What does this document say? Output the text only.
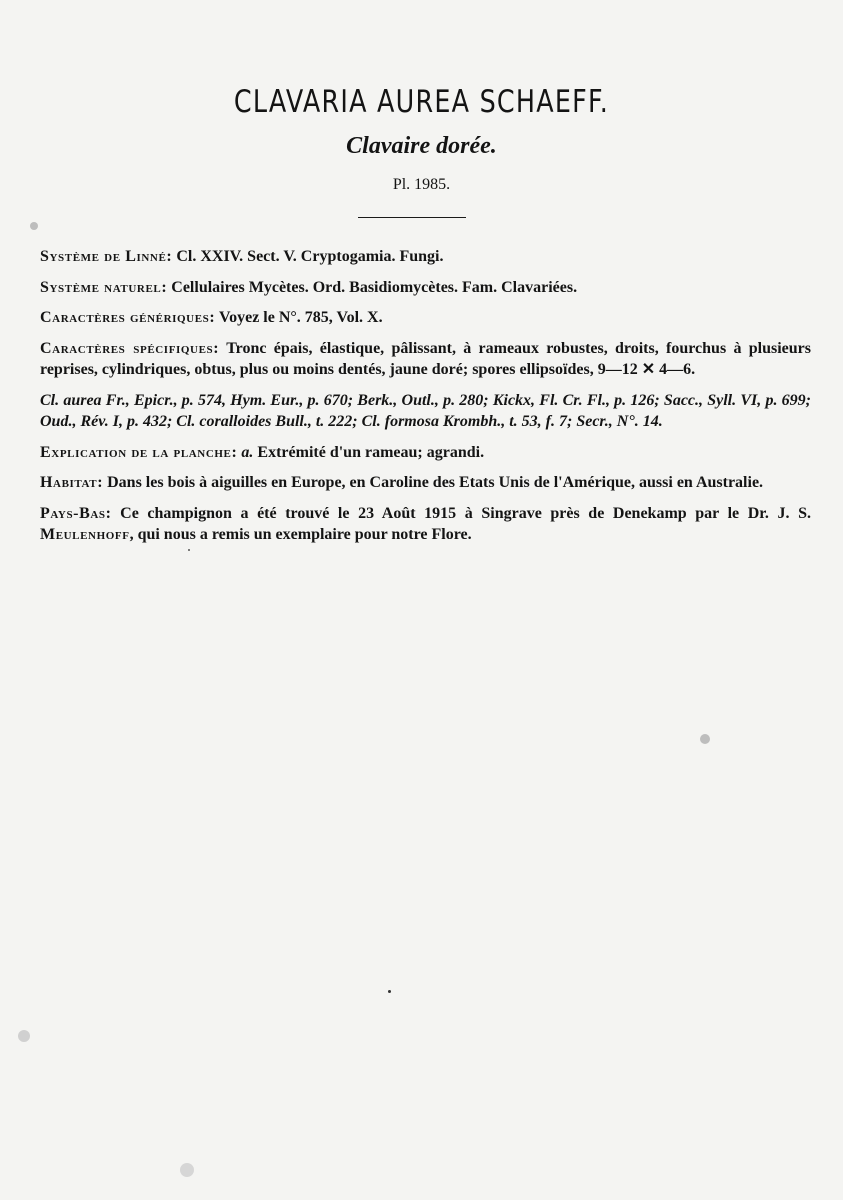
CLAVARIA AUREA SCHAEFF.
Clavaire dorée.
Pl. 1985.

Système de Linné: Cl. XXIV. Sect. V. Cryptogamia. Fungi.

Système naturel: Cellulaires Mycètes. Ord. Basidiomycètes. Fam. Clavariées.

Caractères génériques: Voyez le N°. 785, Vol. X.

Caractères spécifiques: Tronc épais, élastique, pâlissant, à rameaux robustes, droits, fourchus à plusieurs reprises, cylindriques, obtus, plus ou moins dentés, jaune doré; spores ellipsoïdes, 9—12 ✕ 4—6.

Cl. aurea Fr., Epicr., p. 574, Hym. Eur., p. 670; Berk., Outl., p. 280; Kickx, Fl. Cr. Fl., p. 126; Sacc., Syll. VI, p. 699; Oud., Rév. I, p. 432; Cl. coralloides Bull., t. 222; Cl. formosa Krombh., t. 53, f. 7; Secr., N°. 14.

Explication de la planche: a. Extrémité d'un rameau; agrandi.

Habitat: Dans les bois à aiguilles en Europe, en Caroline des Etats Unis de l'Amérique, aussi en Australie.

Pays-Bas: Ce champignon a été trouvé le 23 Août 1915 à Singrave près de Denekamp par le Dr. J. S. Meulenhoff, qui nous a remis un exemplaire pour notre Flore.
